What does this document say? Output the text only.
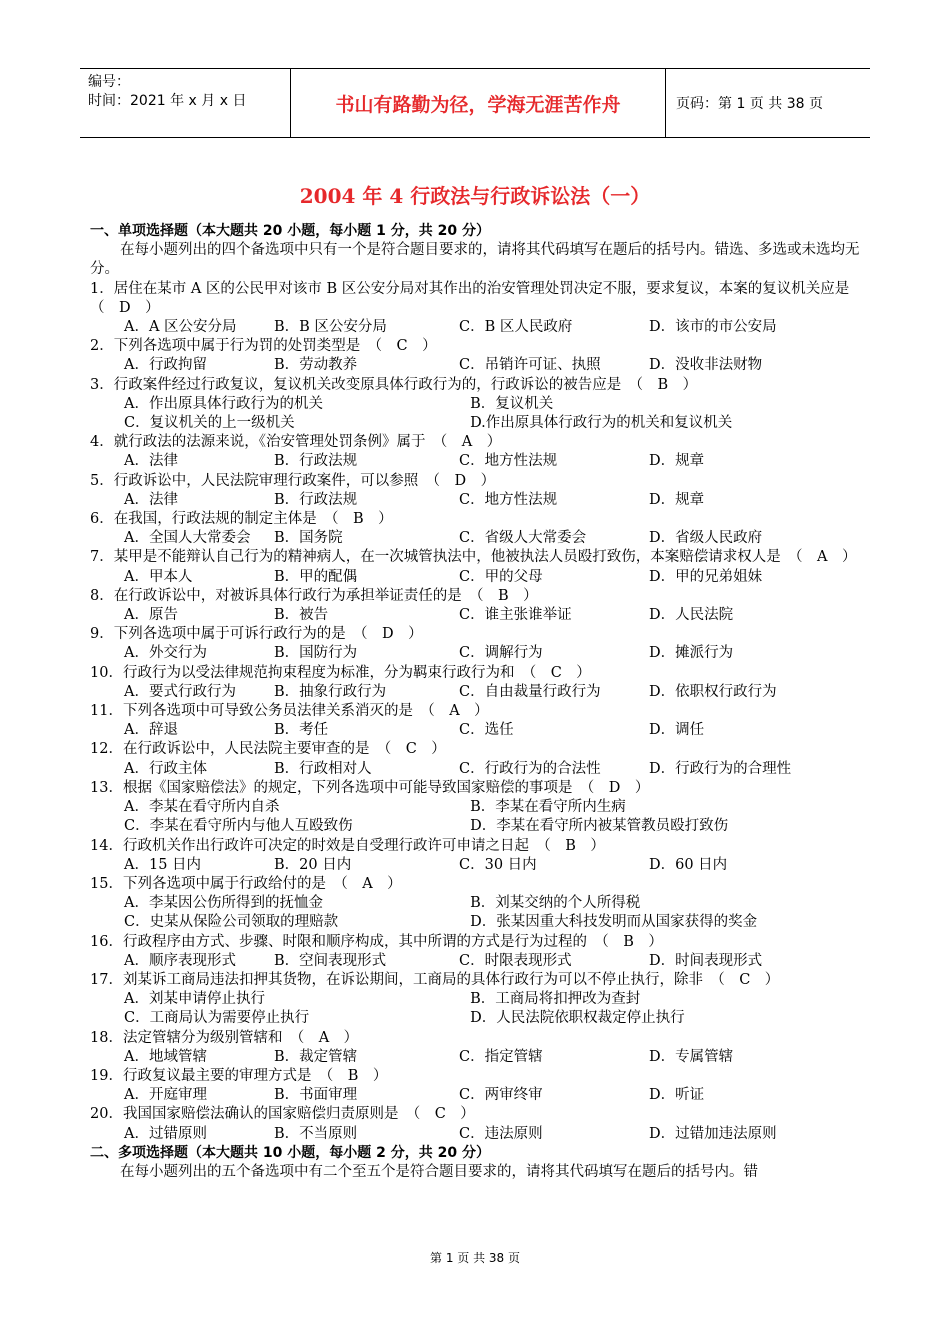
编号：
时间：2021 年 x 月 x 日	书山有路勤为径，学海无涯苦作舟	页码：第 1 页 共 38 页
2004 年 4 行政法与行政诉讼法（一）
一、单项选择题（本大题共 20 小题，每小题 1 分，共 20 分）
在每小题列出的四个备选项中只有一个是符合题目要求的，请将其代码填写在题后的括号内。错选、多选或未选均无分。
1．居住在某市 A 区的公民甲对该市 B 区公安分局对其作出的治安管理处罚决定不服，要求复议，本案的复议机关应是　（　D　）
A．A 区公安分局	B．B 区公安分局	C．B 区人民政府	D．该市的市公安局
2．下列各选项中属于行为罚的处罚类型是　（　C　）
A．行政拘留	B．劳动教养	C．吊销许可证、执照	D．没收非法财物
3．行政案件经过行政复议，复议机关改变原具体行政行为的，行政诉讼的被告应是　（　B　）
A．作出原具体行政行为的机关	B．复议机关
C．复议机关的上一级机关	D.作出原具体行政行为的机关和复议机关
4．就行政法的法源来说，《治安管理处罚条例》属于　（　A　）
A．法律	B．行政法规	C．地方性法规	D．规章
5．行政诉讼中，人民法院审理行政案件，可以参照　（　D　）
A．法律	B．行政法规	C．地方性法规	D．规章
6．在我国，行政法规的制定主体是　（　B　）
A．全国人大常委会	B．国务院	C．省级人大常委会	D．省级人民政府
7．某甲是不能辩认自己行为的精神病人，在一次城管执法中，他被执法人员殴打致伤，本案赔偿请求权人是　（　A　）
A．甲本人	B．甲的配偶	C．甲的父母	D．甲的兄弟姐妹
8．在行政诉讼中，对被诉具体行政行为承担举证责任的是　（　B　）
A．原告	B．被告	C．谁主张谁举证	D．人民法院
9．下列各选项中属于可诉行政行为的是　（　D　）
A．外交行为	B．国防行为	C．调解行为	D．摊派行为
10．行政行为以受法律规范拘束程度为标准，分为羁束行政行为和　（　C　）
A．要式行政行为	B．抽象行政行为	C．自由裁量行政行为	D．依职权行政行为
11．下列各选项中可导致公务员法律关系消灭的是　（　A　）
A．辞退	B．考任	C．选任	D．调任
12．在行政诉讼中，人民法院主要审查的是　（　C　）
A．行政主体	B．行政相对人	C．行政行为的合法性	D．行政行为的合理性
13．根据《国家赔偿法》的规定，下列各选项中可能导致国家赔偿的事项是　（　D　）
A．李某在看守所内自杀	B．李某在看守所内生病
C．李某在看守所内与他人互殴致伤	D．李某在看守所内被某管教员殴打致伤
14．行政机关作出行政许可决定的时效是自受理行政许可申请之日起　（　B　）
A．15 日内	B．20 日内	C．30 日内	D．60 日内
15．下列各选项中属于行政给付的是　（　A　）
A．李某因公伤所得到的抚恤金	B．刘某交纳的个人所得税
C．史某从保险公司领取的理赔款	D．张某因重大科技发明而从国家获得的奖金
16．行政程序由方式、步骤、时限和顺序构成，其中所谓的方式是行为过程的　（　B　）
A．顺序表现形式	B．空间表现形式	C．时限表现形式	D．时间表现形式
17．刘某诉工商局违法扣押其货物，在诉讼期间，工商局的具体行政行为可以不停止执行，除非　（　C　）
A．刘某申请停止执行	B．工商局将扣押改为查封
C．工商局认为需要停止执行	D．人民法院依职权裁定停止执行
18．法定管辖分为级别管辖和　（　A　）
A．地域管辖	B．裁定管辖	C．指定管辖	D．专属管辖
19．行政复议最主要的审理方式是　（　B　）
A．开庭审理	B．书面审理	C．两审终审	D．听证
20．我国国家赔偿法确认的国家赔偿归责原则是　（　C　）
A．过错原则	B．不当原则	C．违法原则	D．过错加违法原则
二、多项选择题（本大题共 10 小题，每小题 2 分，共 20 分）
在每小题列出的五个备选项中有二个至五个是符合题目要求的，请将其代码填写在题后的括号内。错
第 1 页 共 38 页
